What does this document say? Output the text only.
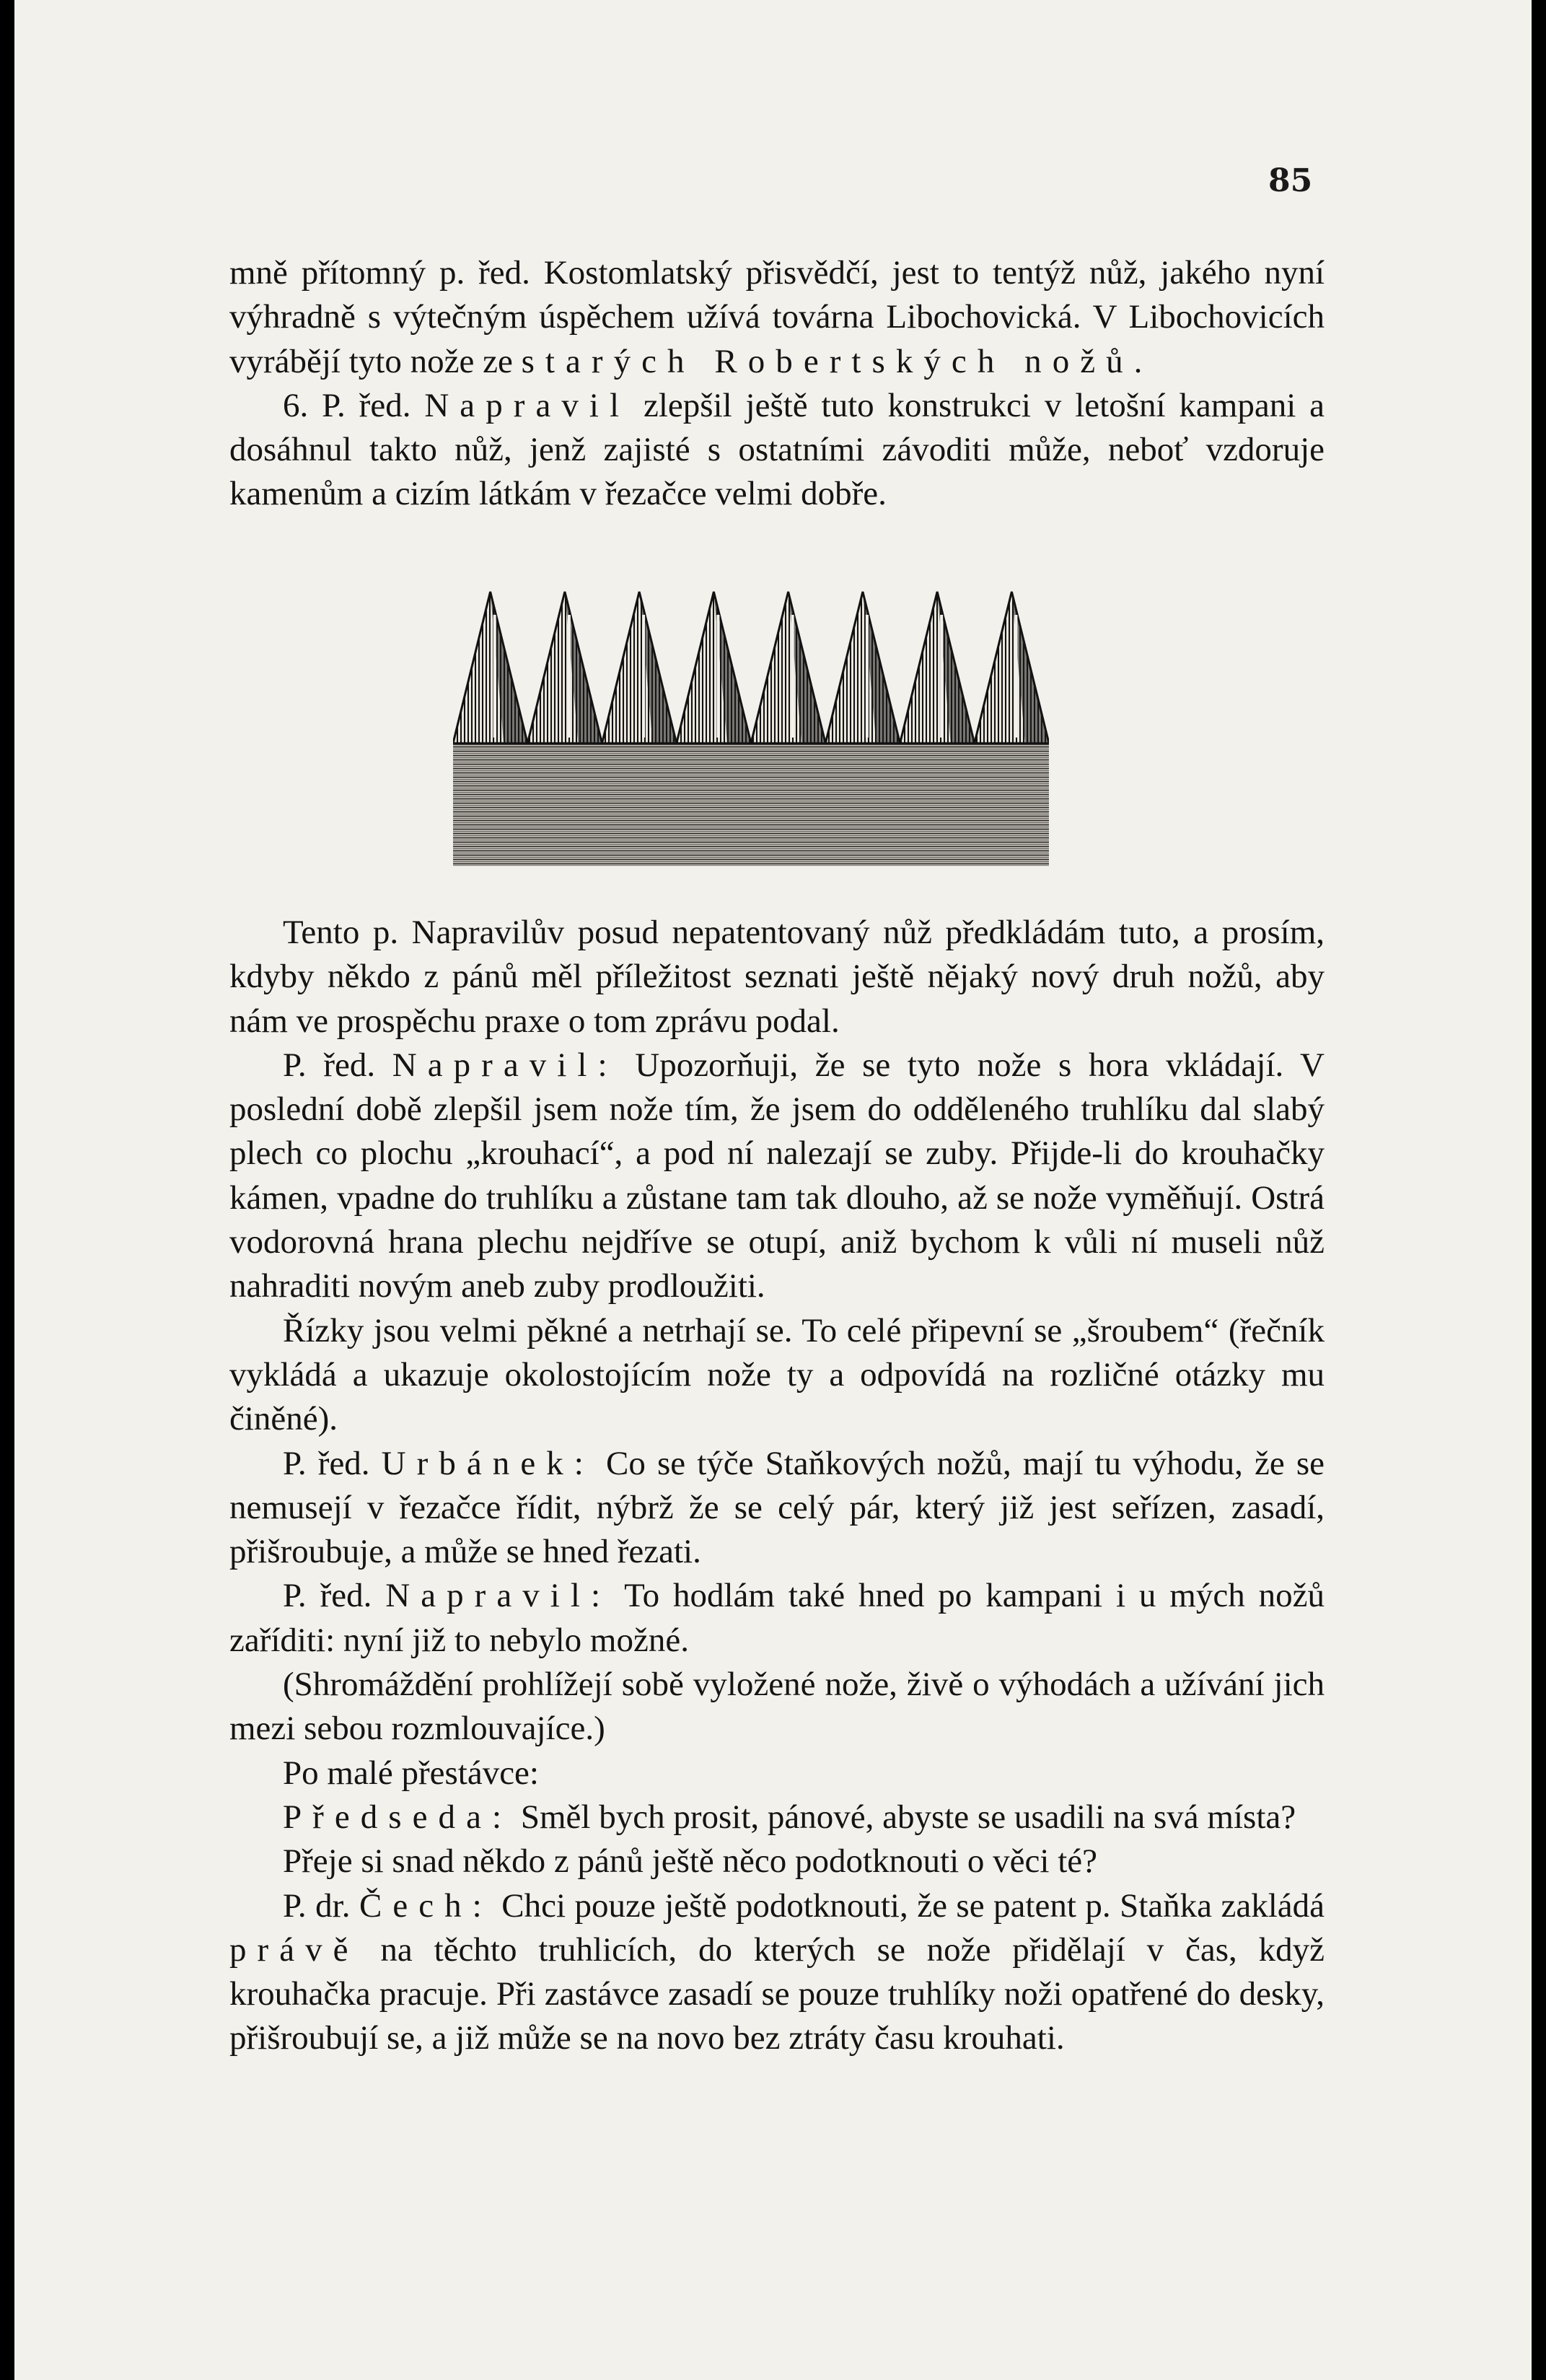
85

mně přítomný p. řed. Kostomlatský přisvědčí, jest to tentýž nůž, jakého nyní výhradně s výtečným úspěchem užívá továrna Libochovická. V Libochovicích vyrábějí tyto nože ze starých Robertských nožů.

6. P. řed. Napravil zlepšil ještě tuto konstrukci v letošní kampani a dosáhnul takto nůž, jenž zajisté s ostatními závoditi může, neboť vzdoruje kamenům a cizím látkám v řezačce velmi dobře.

Tento p. Napravilův posud nepatentovaný nůž předkládám tuto, a prosím, kdyby někdo z pánů měl příležitost seznati ještě nějaký nový druh nožů, aby nám ve prospěchu praxe o tom zprávu podal.

P. řed. Napravil: Upozorňuji, že se tyto nože s hora vkládají. V poslední době zlepšil jsem nože tím, že jsem do odděleného truhlíku dal slabý plech co plochu „krouhací“, a pod ní nalezají se zuby. Přijde-li do krouhačky kámen, vpadne do truhlíku a zůstane tam tak dlouho, až se nože vyměňují. Ostrá vodorovná hrana plechu nejdříve se otupí, aniž bychom k vůli ní museli nůž nahraditi novým aneb zuby prodloužiti.

Řízky jsou velmi pěkné a netrhají se. To celé připevní se „šroubem“ (řečník vykládá a ukazuje okolostojícím nože ty a odpovídá na rozličné otázky mu činěné).

P. řed. Urbánek: Co se týče Staňkových nožů, mají tu výhodu, že se nemusejí v řezačce řídit, nýbrž že se celý pár, který již jest seřízen, zasadí, přišroubuje, a může se hned řezati.

P. řed. Napravil: To hodlám také hned po kampani i u mých nožů zaříditi: nyní již to nebylo možné.

(Shromáždění prohlížejí sobě vyložené nože, živě o výhodách a užívání jich mezi sebou rozmlouvajíce.)

Po malé přestávce:

Předseda: Směl bych prosit, pánové, abyste se usadili na svá místa?

Přeje si snad někdo z pánů ještě něco podotknouti o věci té?

P. dr. Čech: Chci pouze ještě podotknouti, že se patent p. Staňka zakládá právě na těchto truhlicích, do kterých se nože přidělají v čas, když krouhačka pracuje. Při zastávce zasadí se pouze truhlíky noži opatřené do desky, přišroubují se, a již může se na novo bez ztráty času krouhati.
